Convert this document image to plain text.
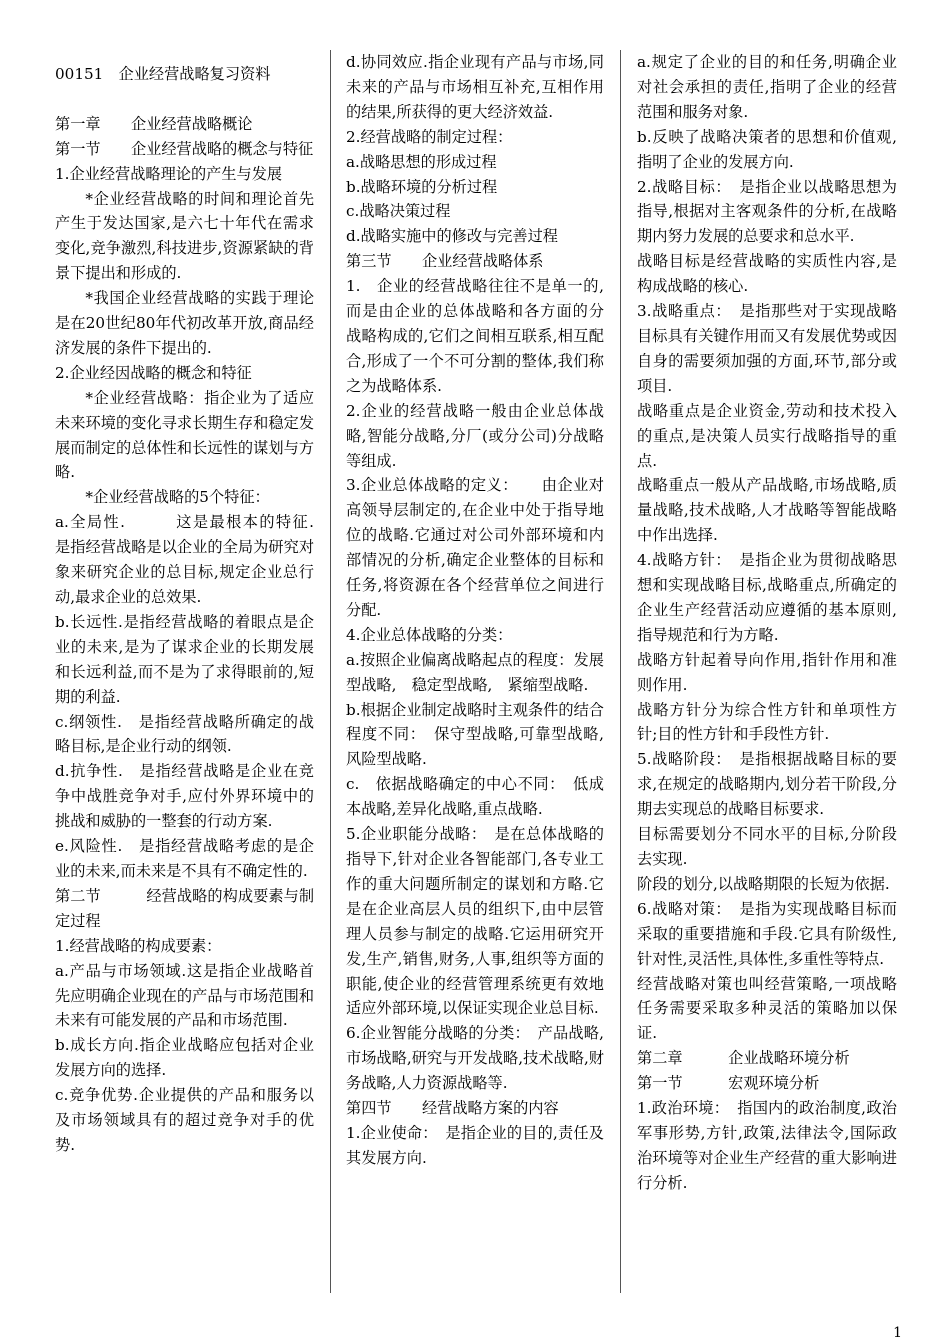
00151　企业经营战略复习资料

第一章　　企业经营战略概论

第一节　　企业经营战略的概念与特征

1.企业经营战略理论的产生与发展

*企业经营战略的时间和理论首先产生于发达国家,是六七十年代在需求变化,竞争激烈,科技进步,资源紧缺的背景下提出和形成的.

*我国企业经营战略的实践于理论是在20世纪80年代初改革开放,商品经济发展的条件下提出的.

2.企业经因战略的概念和特征

*企业经营战略：指企业为了适应未来环境的变化寻求长期生存和稳定发展而制定的总体性和长远性的谋划与方略.

*企业经营战略的5个特征：

a.全局性.　　　这是最根本的特征.　　　是指经营战略是以企业的全局为研究对象来研究企业的总目标,规定企业总行动,最求企业的总效果.

b.长远性.是指经营战略的着眼点是企业的未来,是为了谋求企业的长期发展和长远利益,而不是为了求得眼前的,短期的利益.

c.纲领性.　是指经营战略所确定的战略目标,是企业行动的纲领.

d.抗争性.　是指经营战略是企业在竞争中战胜竞争对手,应付外界环境中的挑战和威胁的一整套的行动方案.

e.风险性.　是指经营战略考虑的是企业的未来,而未来是不具有不确定性的.

第二节　　　经营战略的构成要素与制定过程

1.经营战略的构成要素：

a.产品与市场领域.这是指企业战略首先应明确企业现在的产品与市场范围和未来有可能发展的产品和市场范围.

b.成长方向.指企业战略应包括对企业发展方向的选择.

c.竞争优势.企业提供的产品和服务以及市场领域具有的超过竞争对手的优势.

d.协同效应.指企业现有产品与市场,同未来的产品与市场相互补充,互相作用的结果,所获得的更大经济效益.

2.经营战略的制定过程：

a.战略思想的形成过程

b.战略环境的分析过程

c.战略决策过程

d.战略实施中的修改与完善过程

第三节　　企业经营战略体系

1.　企业的经营战略往往不是单一的,而是由企业的总体战略和各方面的分战略构成的,它们之间相互联系,相互配合,形成了一个不可分割的整体,我们称之为战略体系.

2.企业的经营战略一般由企业总体战略,智能分战略,分厂(或分公司)分战略等组成.

3.企业总体战略的定义：　　由企业对高领导层制定的,在企业中处于指导地位的战略.它通过对公司外部环境和内部情况的分析,确定企业整体的目标和任务,将资源在各个经营单位之间进行分配.

4.企业总体战略的分类：

a.按照企业偏离战略起点的程度：发展型战略,　稳定型战略,　紧缩型战略.

b.根据企业制定战略时主观条件的结合程度不同：　保守型战略,可靠型战略,风险型战略.

c.　依据战略确定的中心不同：　低成本战略,差异化战略,重点战略.

5.企业职能分战略：　是在总体战略的指导下,针对企业各智能部门,各专业工作的重大问题所制定的谋划和方略.它是在企业高层人员的组织下,由中层管理人员参与制定的战略.它运用研究开发,生产,销售,财务,人事,组织等方面的职能,使企业的经营管理系统更有效地适应外部环境,以保证实现企业总目标.

6.企业智能分战略的分类：　产品战略,市场战略,研究与开发战略,技术战略,财务战略,人力资源战略等.

第四节　　经营战略方案的内容

1.企业使命：　是指企业的目的,责任及其发展方向.

a.规定了企业的目的和任务,明确企业对社会承担的责任,指明了企业的经营范围和服务对象.

b.反映了战略决策者的思想和价值观,指明了企业的发展方向.

2.战略目标：　是指企业以战略思想为指导,根据对主客观条件的分析,在战略期内努力发展的总要求和总水平.

战略目标是经营战略的实质性内容,是构成战略的核心.

3.战略重点：　是指那些对于实现战略目标具有关键作用而又有发展优势或因自身的需要须加强的方面,环节,部分或项目.

战略重点是企业资金,劳动和技术投入的重点,是决策人员实行战略指导的重点.

战略重点一般从产品战略,市场战略,质量战略,技术战略,人才战略等智能战略中作出选择.

4.战略方针：　是指企业为贯彻战略思想和实现战略目标,战略重点,所确定的企业生产经营活动应遵循的基本原则,指导规范和行为方略.

战略方针起着导向作用,指针作用和准则作用.

战略方针分为综合性方针和单项性方针;目的性方针和手段性方针.

5.战略阶段：　是指根据战略目标的要求,在规定的战略期内,划分若干阶段,分期去实现总的战略目标要求.

目标需要划分不同水平的目标,分阶段去实现.

阶段的划分,以战略期限的长短为依据.

6.战略对策：　是指为实现战略目标而采取的重要措施和手段.它具有阶级性,针对性,灵活性,具体性,多重性等特点.

经营战略对策也叫经营策略,一项战略任务需要采取多种灵活的策略加以保证.

第二章　　　企业战略环境分析

第一节　　　宏观环境分析

1.政治环境：　指国内的政治制度,政治军事形势,方针,政策,法律法令,国际政治环境等对企业生产经营的重大影响进行分析.

1
